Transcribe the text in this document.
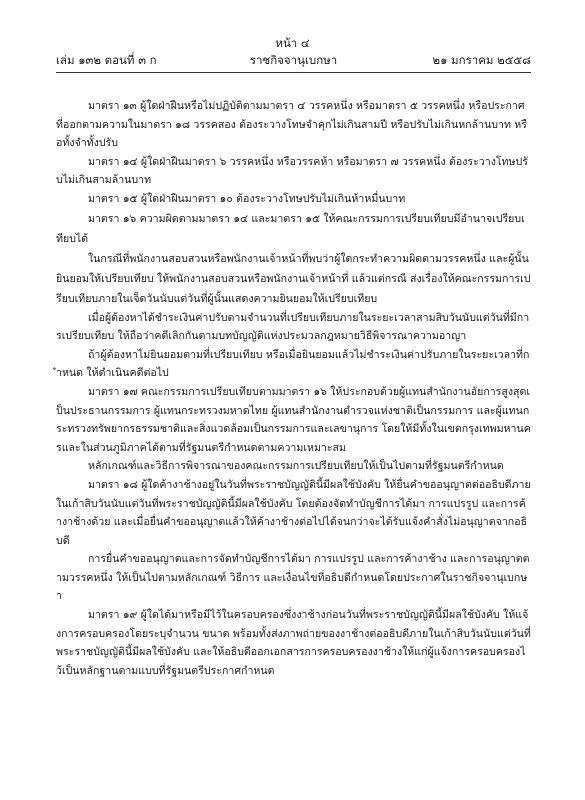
หน้า ๔
เล่ม ๑๓๒ ตอนที่ ๓ ก	ราชกิจจานุเบกษา	๒๑ มกราคม ๒๕๕๘

มาตรา ๑๓ ผู้ใดฝ่าฝืนหรือไม่ปฏิบัติตามมาตรา ๔ วรรคหนึ่ง หรือมาตรา ๕ วรรคหนึ่ง หรือประกาศที่ออกตามความในมาตรา ๑๘ วรรคสอง ต้องระวางโทษจำคุกไม่เกินสามปี หรือปรับไม่เกินหกล้านบาท หรือทั้งจำทั้งปรับ

มาตรา ๑๔ ผู้ใดฝ่าฝืนมาตรา ๖ วรรคหนึ่ง หรือวรรคห้า หรือมาตรา ๗ วรรคหนึ่ง ต้องระวางโทษปรับไม่เกินสามล้านบาท

มาตรา ๑๕ ผู้ใดฝ่าฝืนมาตรา ๑๐ ต้องระวางโทษปรับไม่เกินห้าหมื่นบาท

มาตรา ๑๖ ความผิดตามมาตรา ๑๔ และมาตรา ๑๕ ให้คณะกรรมการเปรียบเทียบมีอำนาจเปรียบเทียบได้

ในกรณีที่พนักงานสอบสวนหรือพนักงานเจ้าหน้าที่พบว่าผู้ใดกระทำความผิดตามวรรคหนึ่ง และผู้นั้นยินยอมให้เปรียบเทียบ ให้พนักงานสอบสวนหรือพนักงานเจ้าหน้าที่ แล้วแต่กรณี ส่งเรื่องให้คณะกรรมการเปรียบเทียบภายในเจ็ดวันนับแต่วันที่ผู้นั้นแสดงความยินยอมให้เปรียบเทียบ

เมื่อผู้ต้องหาได้ชำระเงินค่าปรับตามจำนวนที่เปรียบเทียบภายในระยะเวลาสามสิบวันนับแต่วันที่มีการเปรียบเทียบ ให้ถือว่าคดีเลิกกันตามบทบัญญัติแห่งประมวลกฎหมายวิธีพิจารณาความอาญา

ถ้าผู้ต้องหาไม่ยินยอมตามที่เปรียบเทียบ หรือเมื่อยินยอมแล้วไม่ชำระเงินค่าปรับภายในระยะเวลาที่กำหนด ให้ดำเนินคดีต่อไป

มาตรา ๑๗ คณะกรรมการเปรียบเทียบตามมาตรา ๑๖ ให้ประกอบด้วยผู้แทนสำนักงานอัยการสูงสุดเป็นประธานกรรมการ ผู้แทนกระทรวงมหาดไทย ผู้แทนสำนักงานตำรวจแห่งชาติเป็นกรรมการ และผู้แทนกระทรวงทรัพยากรธรรมชาติและสิ่งแวดล้อมเป็นกรรมการและเลขานุการ โดยให้มีทั้งในเขตกรุงเทพมหานครและในส่วนภูมิภาคได้ตามที่รัฐมนตรีกำหนดตามความเหมาะสม

หลักเกณฑ์และวิธีการพิจารณาของคณะกรรมการเปรียบเทียบให้เป็นไปตามที่รัฐมนตรีกำหนด

มาตรา ๑๘ ผู้ใดค้างาช้างอยู่ในวันที่พระราชบัญญัตินี้มีผลใช้บังคับ ให้ยื่นคำขออนุญาตต่ออธิบดีภายในเก้าสิบวันนับแต่วันที่พระราชบัญญัตินี้มีผลใช้บังคับ โดยต้องจัดทำบัญชีการได้มา การแปรรูป และการค้างาช้างด้วย และเมื่อยื่นคำขออนุญาตแล้วให้ค้างาช้างต่อไปได้จนกว่าจะได้รับแจ้งคำสั่งไม่อนุญาตจากอธิบดี

การยื่นคำขออนุญาตและการจัดทำบัญชีการได้มา การแปรรูป และการค้างาช้าง และการอนุญาตตามวรรคหนึ่ง ให้เป็นไปตามหลักเกณฑ์ วิธีการ และเงื่อนไขที่อธิบดีกำหนดโดยประกาศในราชกิจจานุเบกษา

มาตรา ๑๙ ผู้ใดได้มาหรือมีไว้ในครอบครองซึ่งงาช้างก่อนวันที่พระราชบัญญัตินี้มีผลใช้บังคับ ให้แจ้งการครอบครองโดยระบุจำนวน ขนาด พร้อมทั้งส่งภาพถ่ายของงาช้างต่ออธิบดีภายในเก้าสิบวันนับแต่วันที่พระราชบัญญัตินี้มีผลใช้บังคับ และให้อธิบดีออกเอกสารการครอบครองงาช้างให้แก่ผู้แจ้งการครอบครองไว้เป็นหลักฐานตามแบบที่รัฐมนตรีประกาศกำหนด
